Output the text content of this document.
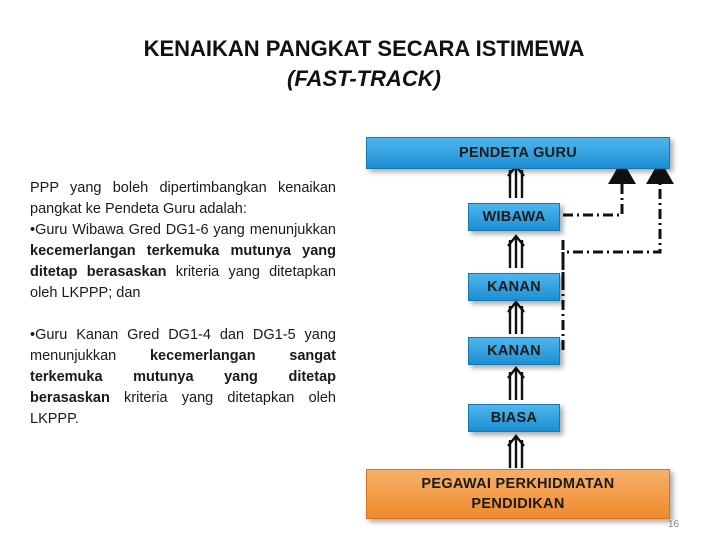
KENAIKAN PANGKAT SECARA ISTIMEWA
(FAST-TRACK)

PPP yang boleh dipertimbangkan kenaikan pangkat ke Pendeta Guru adalah:

•Guru Wibawa Gred DG1-6 yang menunjukkan kecemerlangan terkemuka mutunya yang ditetap berasaskan kriteria yang ditetapkan oleh LKPPP; dan

•Guru Kanan Gred DG1-4 dan DG1-5 yang menunjukkan kecemerlangan sangat terkemuka mutunya yang ditetap berasaskan kriteria yang ditetapkan oleh LKPPP.

PENDETA GURU
WIBAWA
KANAN
KANAN
BIASA
PEGAWAI PERKHIDMATAN
PENDIDIKAN
16
